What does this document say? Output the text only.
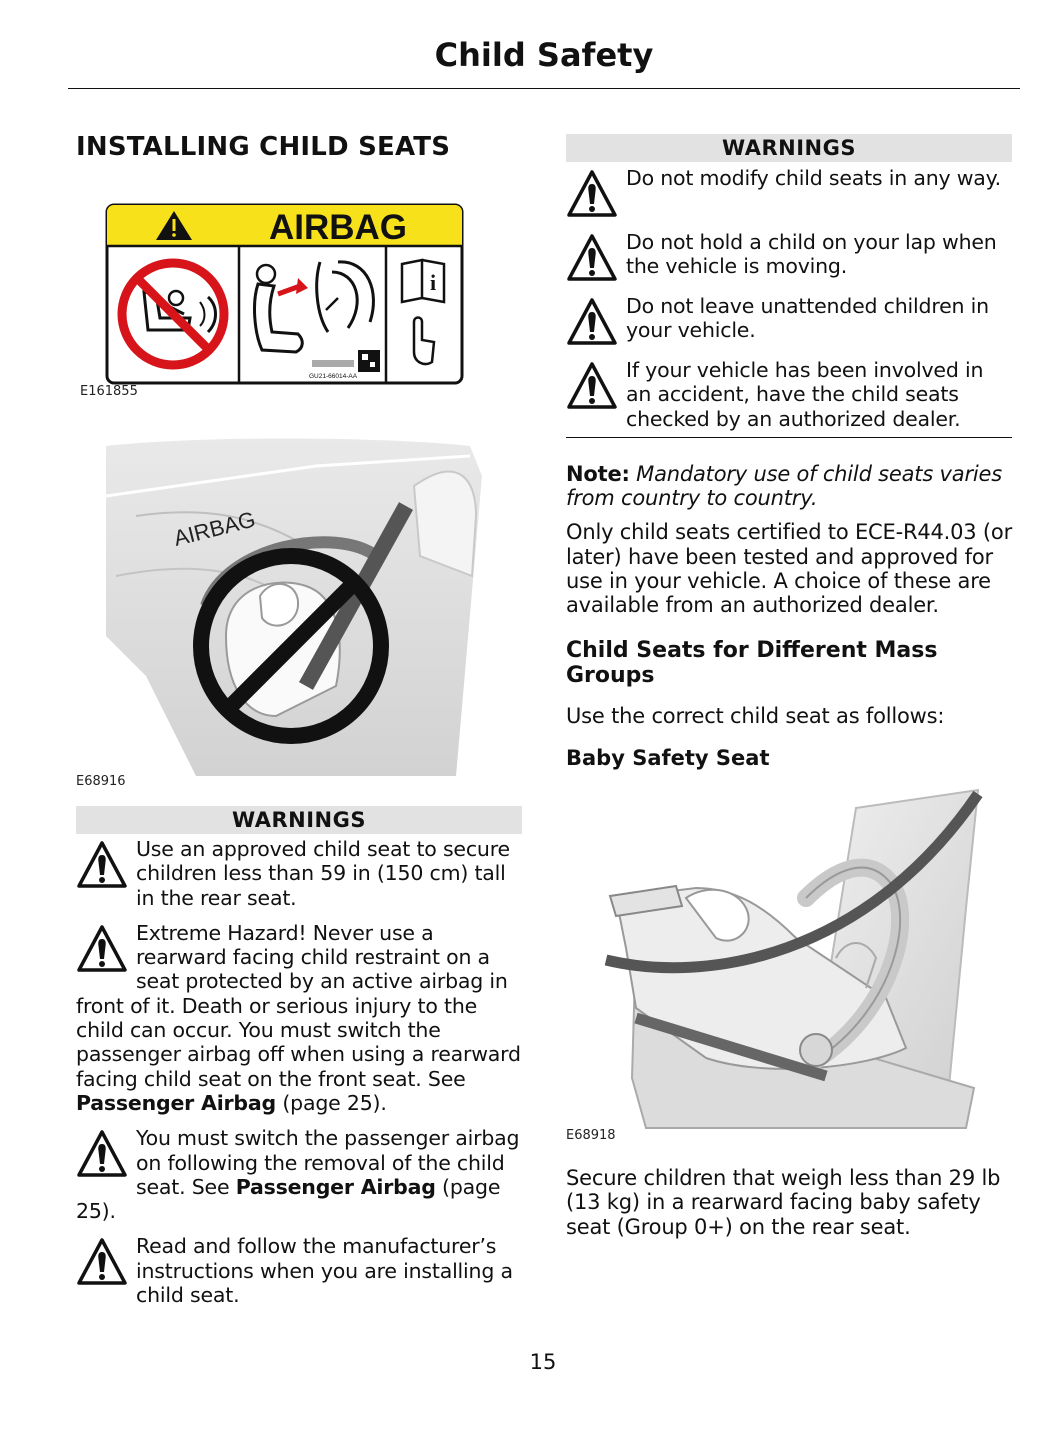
Child Safety
INSTALLING CHILD SEATS
AIRBAG
GU21-66014-AA
i
E161855
AIRBAG
E68916
WARNINGS

Use an approved child seat to secure children less than 59 in (150 cm) tall in the rear seat.

Extreme Hazard! Never use a rearward facing child restraint on a seat protected by an active airbag in front of it. Death or serious injury to the child can occur. You must switch the passenger airbag off when using a rearward facing child seat on the front seat. See Passenger Airbag (page 25).

You must switch the passenger airbag on following the removal of the child seat. See Passenger Airbag (page 25).

Read and follow the manufacturer’s instructions when you are installing a child seat.

WARNINGS

Do not modify child seats in any way.

Do not hold a child on your lap when the vehicle is moving.

Do not leave unattended children in your vehicle.

If your vehicle has been involved in an accident, have the child seats checked by an authorized dealer.

Note: Mandatory use of child seats varies from country to country.

Only child seats certified to ECE-R44.03 (or later) have been tested and approved for use in your vehicle. A choice of these are available from an authorized dealer.

Child Seats for Different Mass Groups

Use the correct child seat as follows:

Baby Safety Seat
E68918

Secure children that weigh less than 29 lb (13 kg) in a rearward facing baby safety seat (Group 0+) on the rear seat.

15
